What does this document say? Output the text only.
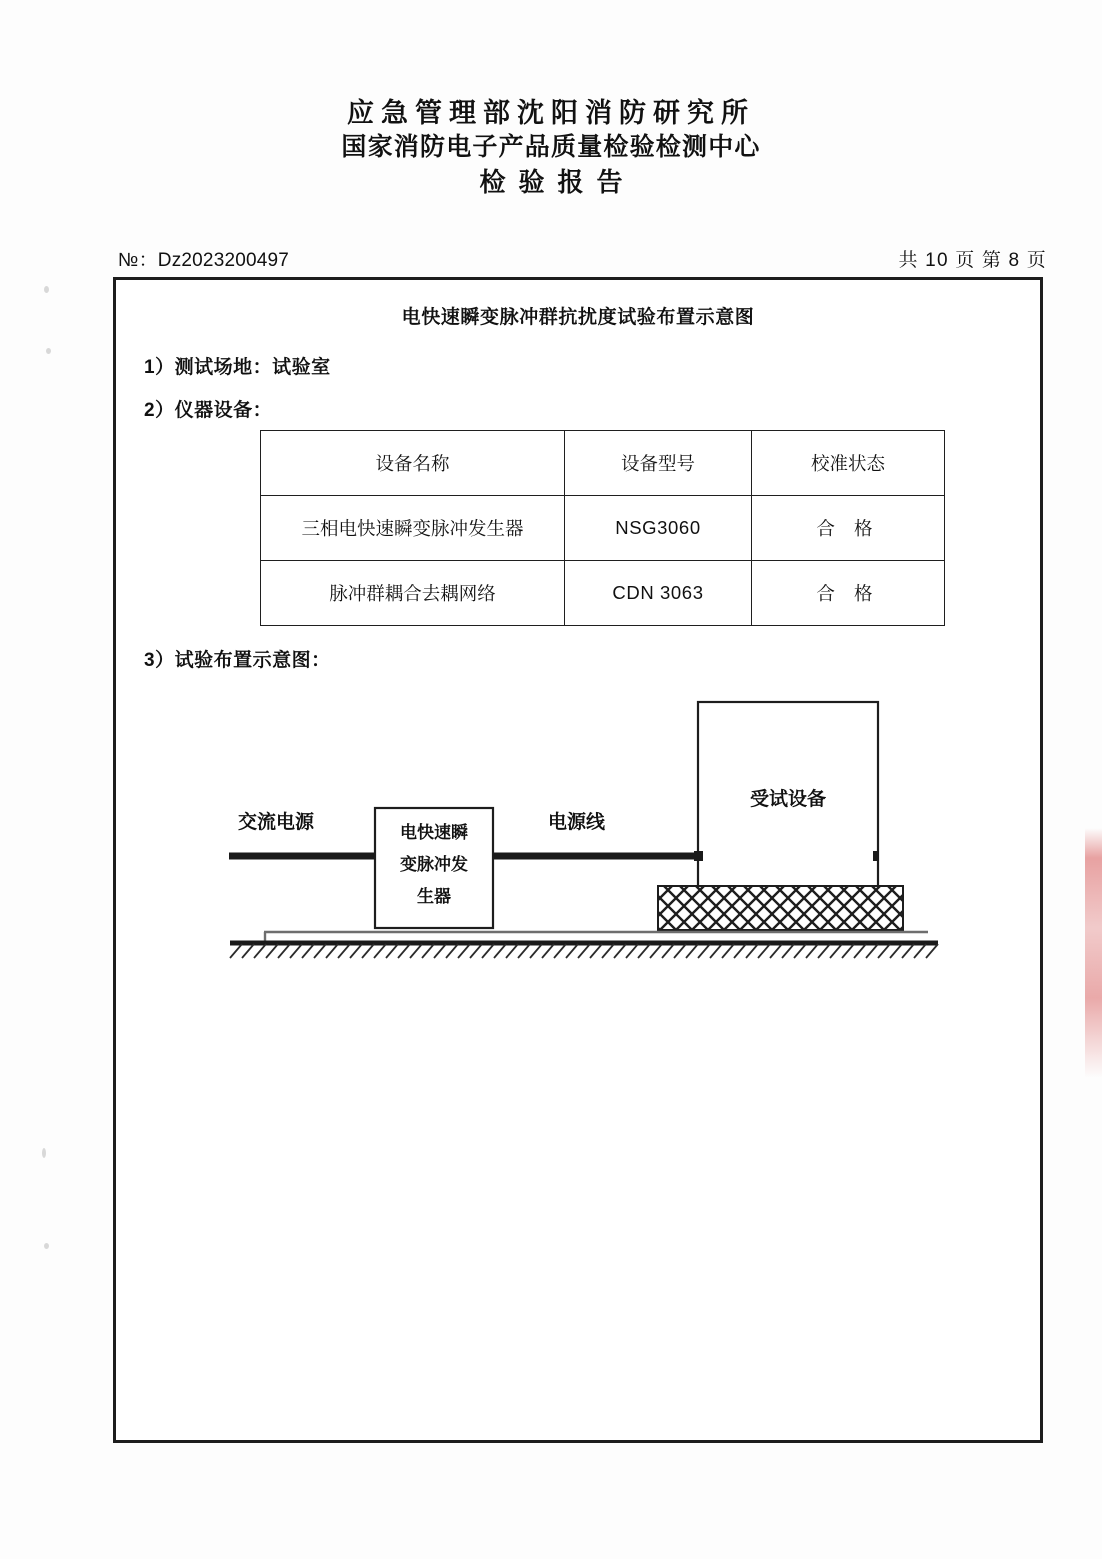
应急管理部沈阳消防研究所
国家消防电子产品质量检验检测中心
检验报告
№：Dz2023200497	共 10 页 第 8 页
电快速瞬变脉冲群抗扰度试验布置示意图
1）测试场地：试验室
2）仪器设备：
3）试验布置示意图：
设备名称	设备型号	校准状态
三相电快速瞬变脉冲发生器	NSG3060	合 格
脉冲群耦合去耦网络	CDN 3063	合 格
受试设备
电快速瞬
变脉冲发
生器
交流电源	电源线
